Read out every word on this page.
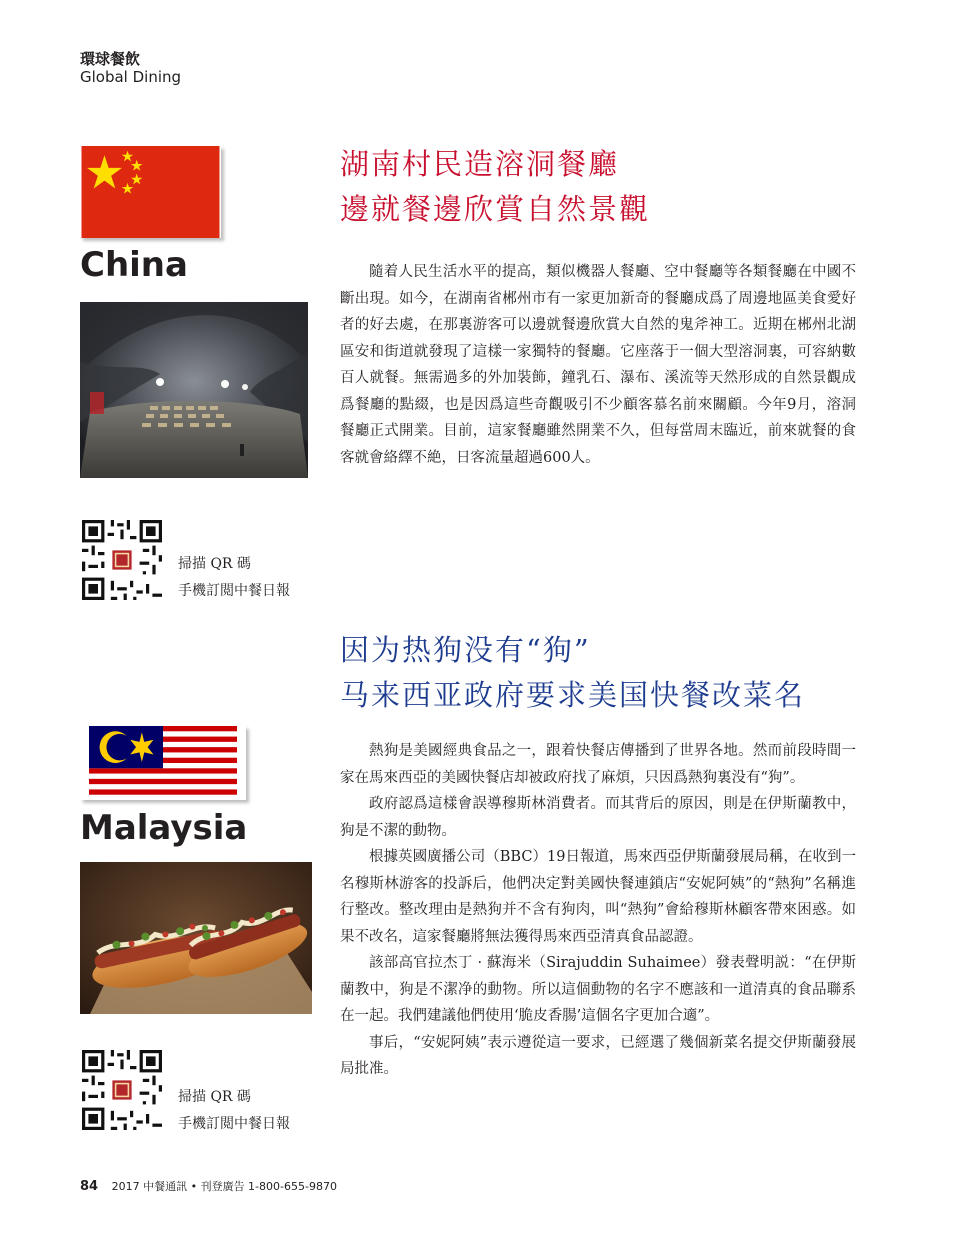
環球餐飲
Global Dining
China
湖南村民造溶洞餐廳
邊就餐邊欣賞自然景觀

隨着人民生活水平的提高，類似機器人餐廳、空中餐廳等各類餐廳在中國不斷出現。如今，在湖南省郴州市有一家更加新奇的餐廳成爲了周邊地區美食愛好者的好去處，在那裏游客可以邊就餐邊欣賞大自然的鬼斧神工。近期在郴州北湖區安和街道就發現了這樣一家獨特的餐廳。它座落于一個大型溶洞裏，可容納數百人就餐。無需過多的外加裝飾，鐘乳石、瀑布、溪流等天然形成的自然景觀成爲餐廳的點綴，也是因爲這些奇觀吸引不少顧客慕名前來關顧。今年9月，溶洞餐廳正式開業。目前，這家餐廳雖然開業不久，但每當周末臨近，前來就餐的食客就會絡繹不絶，日客流量超過600人。

掃描 QR 碼
手機訂閲中餐日報
因为热狗没有“狗”
马来西亚政府要求美国快餐改菜名
Malaysia

熱狗是美國經典食品之一，跟着快餐店傳播到了世界各地。然而前段時間一家在馬來西亞的美國快餐店却被政府找了麻煩，只因爲熱狗裏没有“狗”。

政府認爲這樣會誤導穆斯林消費者。而其背后的原因，則是在伊斯蘭教中，狗是不潔的動物。

根據英國廣播公司（BBC）19日報道，馬來西亞伊斯蘭發展局稱，在收到一名穆斯林游客的投訴后，他們决定對美國快餐連鎖店“安妮阿姨”的“熱狗”名稱進行整改。整改理由是熱狗并不含有狗肉，叫“熱狗”會給穆斯林顧客帶來困惑。如果不改名，這家餐廳將無法獲得馬來西亞清真食品認證。

該部高官拉杰丁 · 蘇海米（Sirajuddin Suhaimee）發表聲明説：“在伊斯蘭教中，狗是不潔净的動物。所以這個動物的名字不應該和一道清真的食品聯系在一起。我們建議他們使用‘脆皮香腸’這個名字更加合適”。

事后，“安妮阿姨”表示遵從這一要求，已經選了幾個新菜名提交伊斯蘭發展局批准。

掃描 QR 碼
手機訂閲中餐日報
84 2017 中餐通訊 • 刊登廣告 1-800-655-9870
